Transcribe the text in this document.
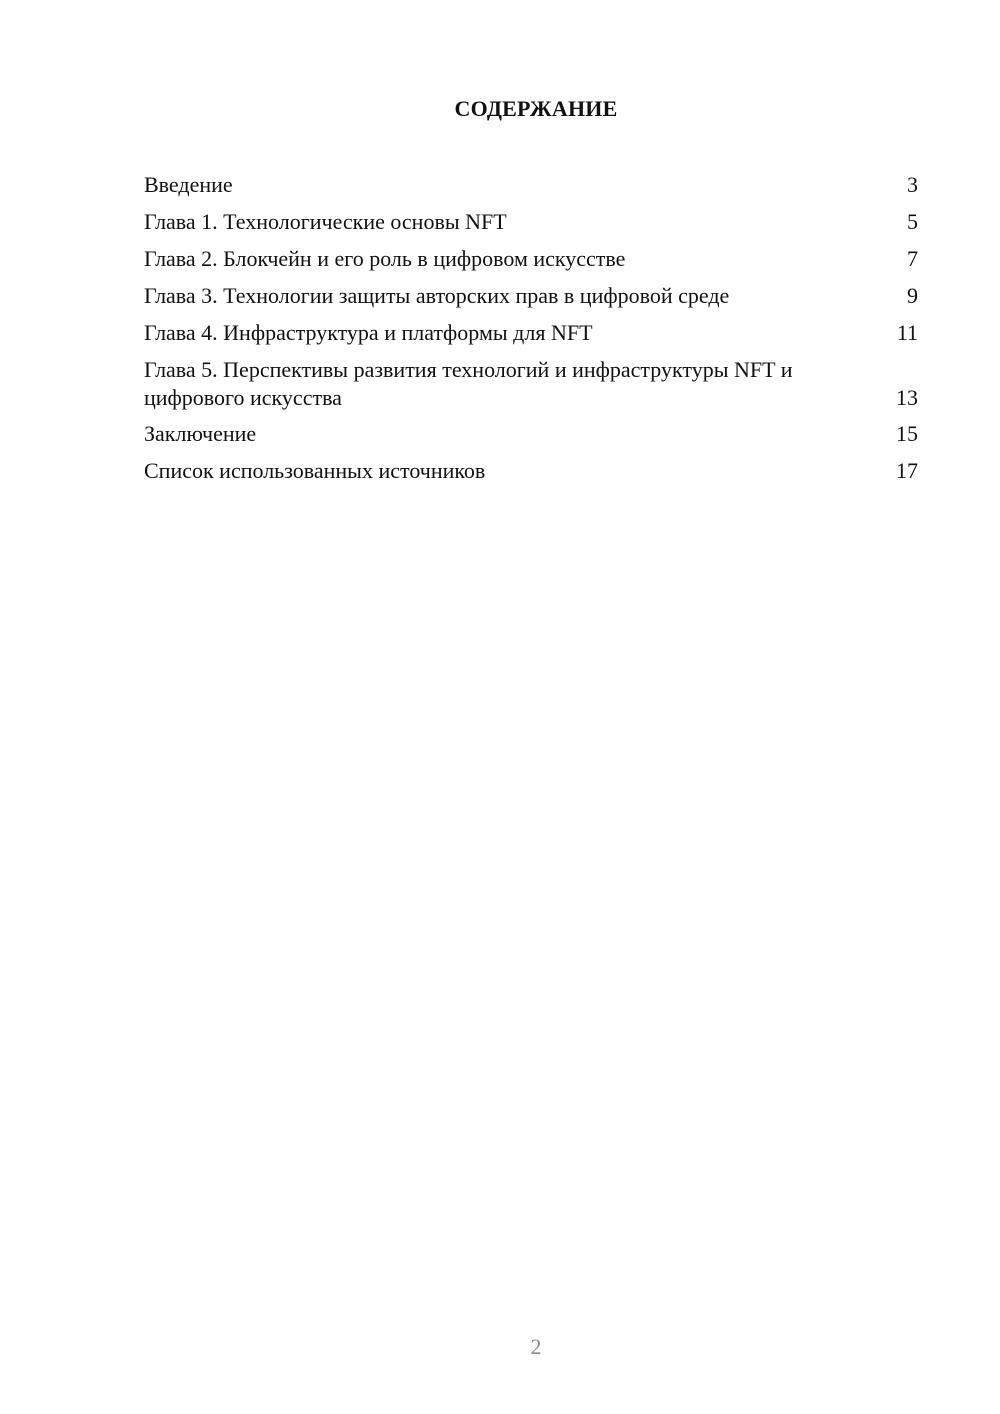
СОДЕРЖАНИЕ
Введение	3
Глава 1. Технологические основы NFT	5
Глава 2. Блокчейн и его роль в цифровом искусстве	7
Глава 3. Технологии защиты авторских прав в цифровой среде	9
Глава 4. Инфраструктура и платформы для NFT	11
Глава 5. Перспективы развития технологий и инфраструктуры NFT и цифрового искусства	13
Заключение	15
Список использованных источников	17
2
